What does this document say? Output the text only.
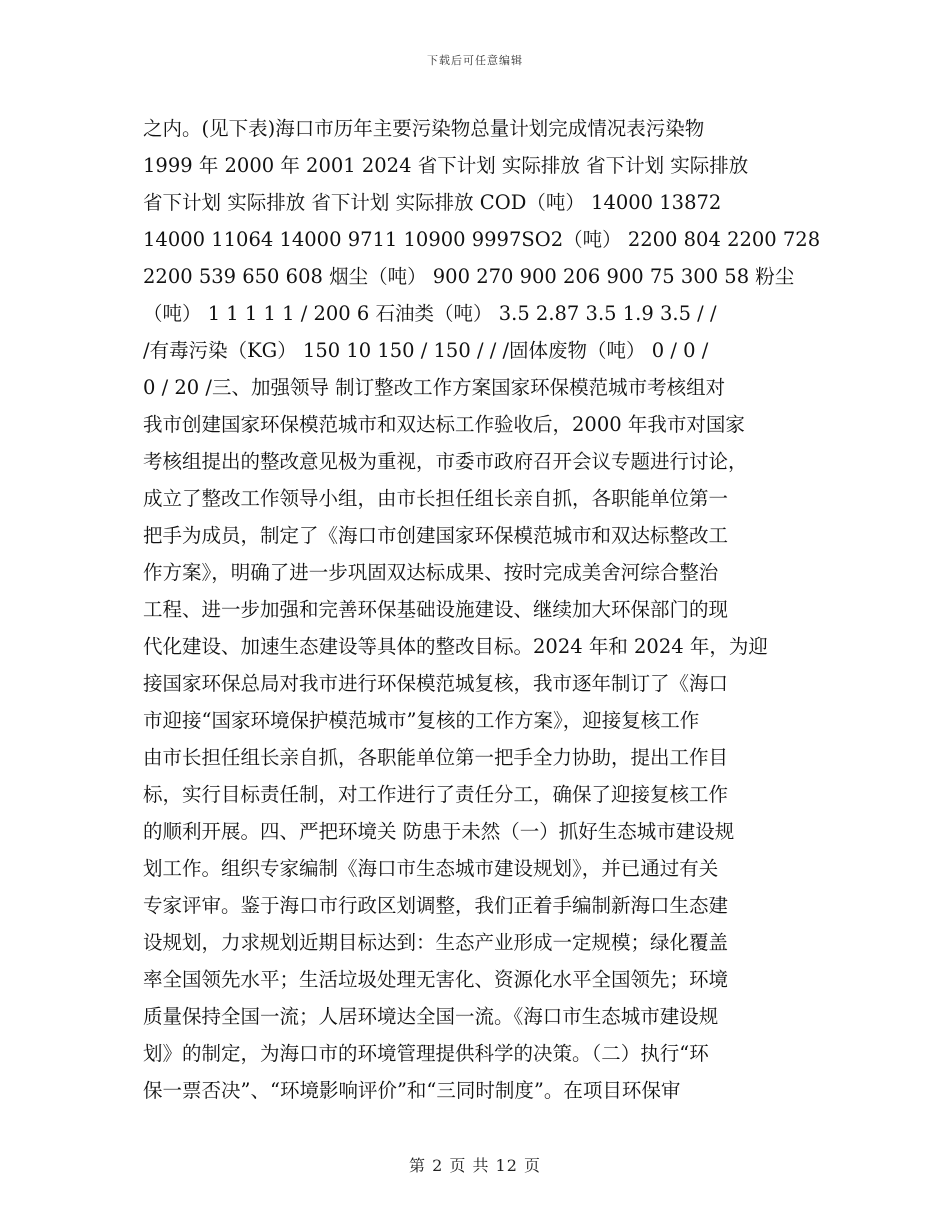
下载后可任意编辑
之内。(见下表)海口市历年主要污染物总量计划完成情况表污染物
1999 年 2000 年 2001 2024 省下计划 实际排放 省下计划 实际排放
省下计划 实际排放 省下计划 实际排放 COD（吨） 14000 13872
14000 11064 14000 9711 10900 9997SO2（吨） 2200 804 2200 728
2200 539 650 608 烟尘（吨） 900 270 900 206 900 75 300 58 粉尘
（吨） 1 1 1 1 1 / 200 6 石油类（吨） 3.5 2.87 3.5 1.9 3.5 / /
/有毒污染（KG） 150 10 150 / 150 / / /固体废物（吨） 0 / 0 /
0 / 20 /三、加强领导 制订整改工作方案国家环保模范城市考核组对
我市创建国家环保模范城市和双达标工作验收后，2000 年我市对国家
考核组提出的整改意见极为重视，市委市政府召开会议专题进行讨论，
成立了整改工作领导小组，由市长担任组长亲自抓，各职能单位第一
把手为成员，制定了《海口市创建国家环保模范城市和双达标整改工
作方案》，明确了进一步巩固双达标成果、按时完成美舍河综合整治
工程、进一步加强和完善环保基础设施建设、继续加大环保部门的现
代化建设、加速生态建设等具体的整改目标。2024 年和 2024 年，为迎
接国家环保总局对我市进行环保模范城复核，我市逐年制订了《海口
市迎接“国家环境保护模范城市”复核的工作方案》，迎接复核工作
由市长担任组长亲自抓，各职能单位第一把手全力协助，提出工作目
标，实行目标责任制，对工作进行了责任分工，确保了迎接复核工作
的顺利开展。四、严把环境关 防患于未然（一）抓好生态城市建设规
划工作。组织专家编制《海口市生态城市建设规划》，并已通过有关
专家评审。鉴于海口市行政区划调整，我们正着手编制新海口生态建
设规划，力求规划近期目标达到：生态产业形成一定规模；绿化覆盖
率全国领先水平；生活垃圾处理无害化、资源化水平全国领先；环境
质量保持全国一流；人居环境达全国一流。《海口市生态城市建设规
划》的制定，为海口市的环境管理提供科学的决策。（二）执行“环
保一票否决”、“环境影响评价”和“三同时制度”。在项目环保审
第 2 页 共 12 页
